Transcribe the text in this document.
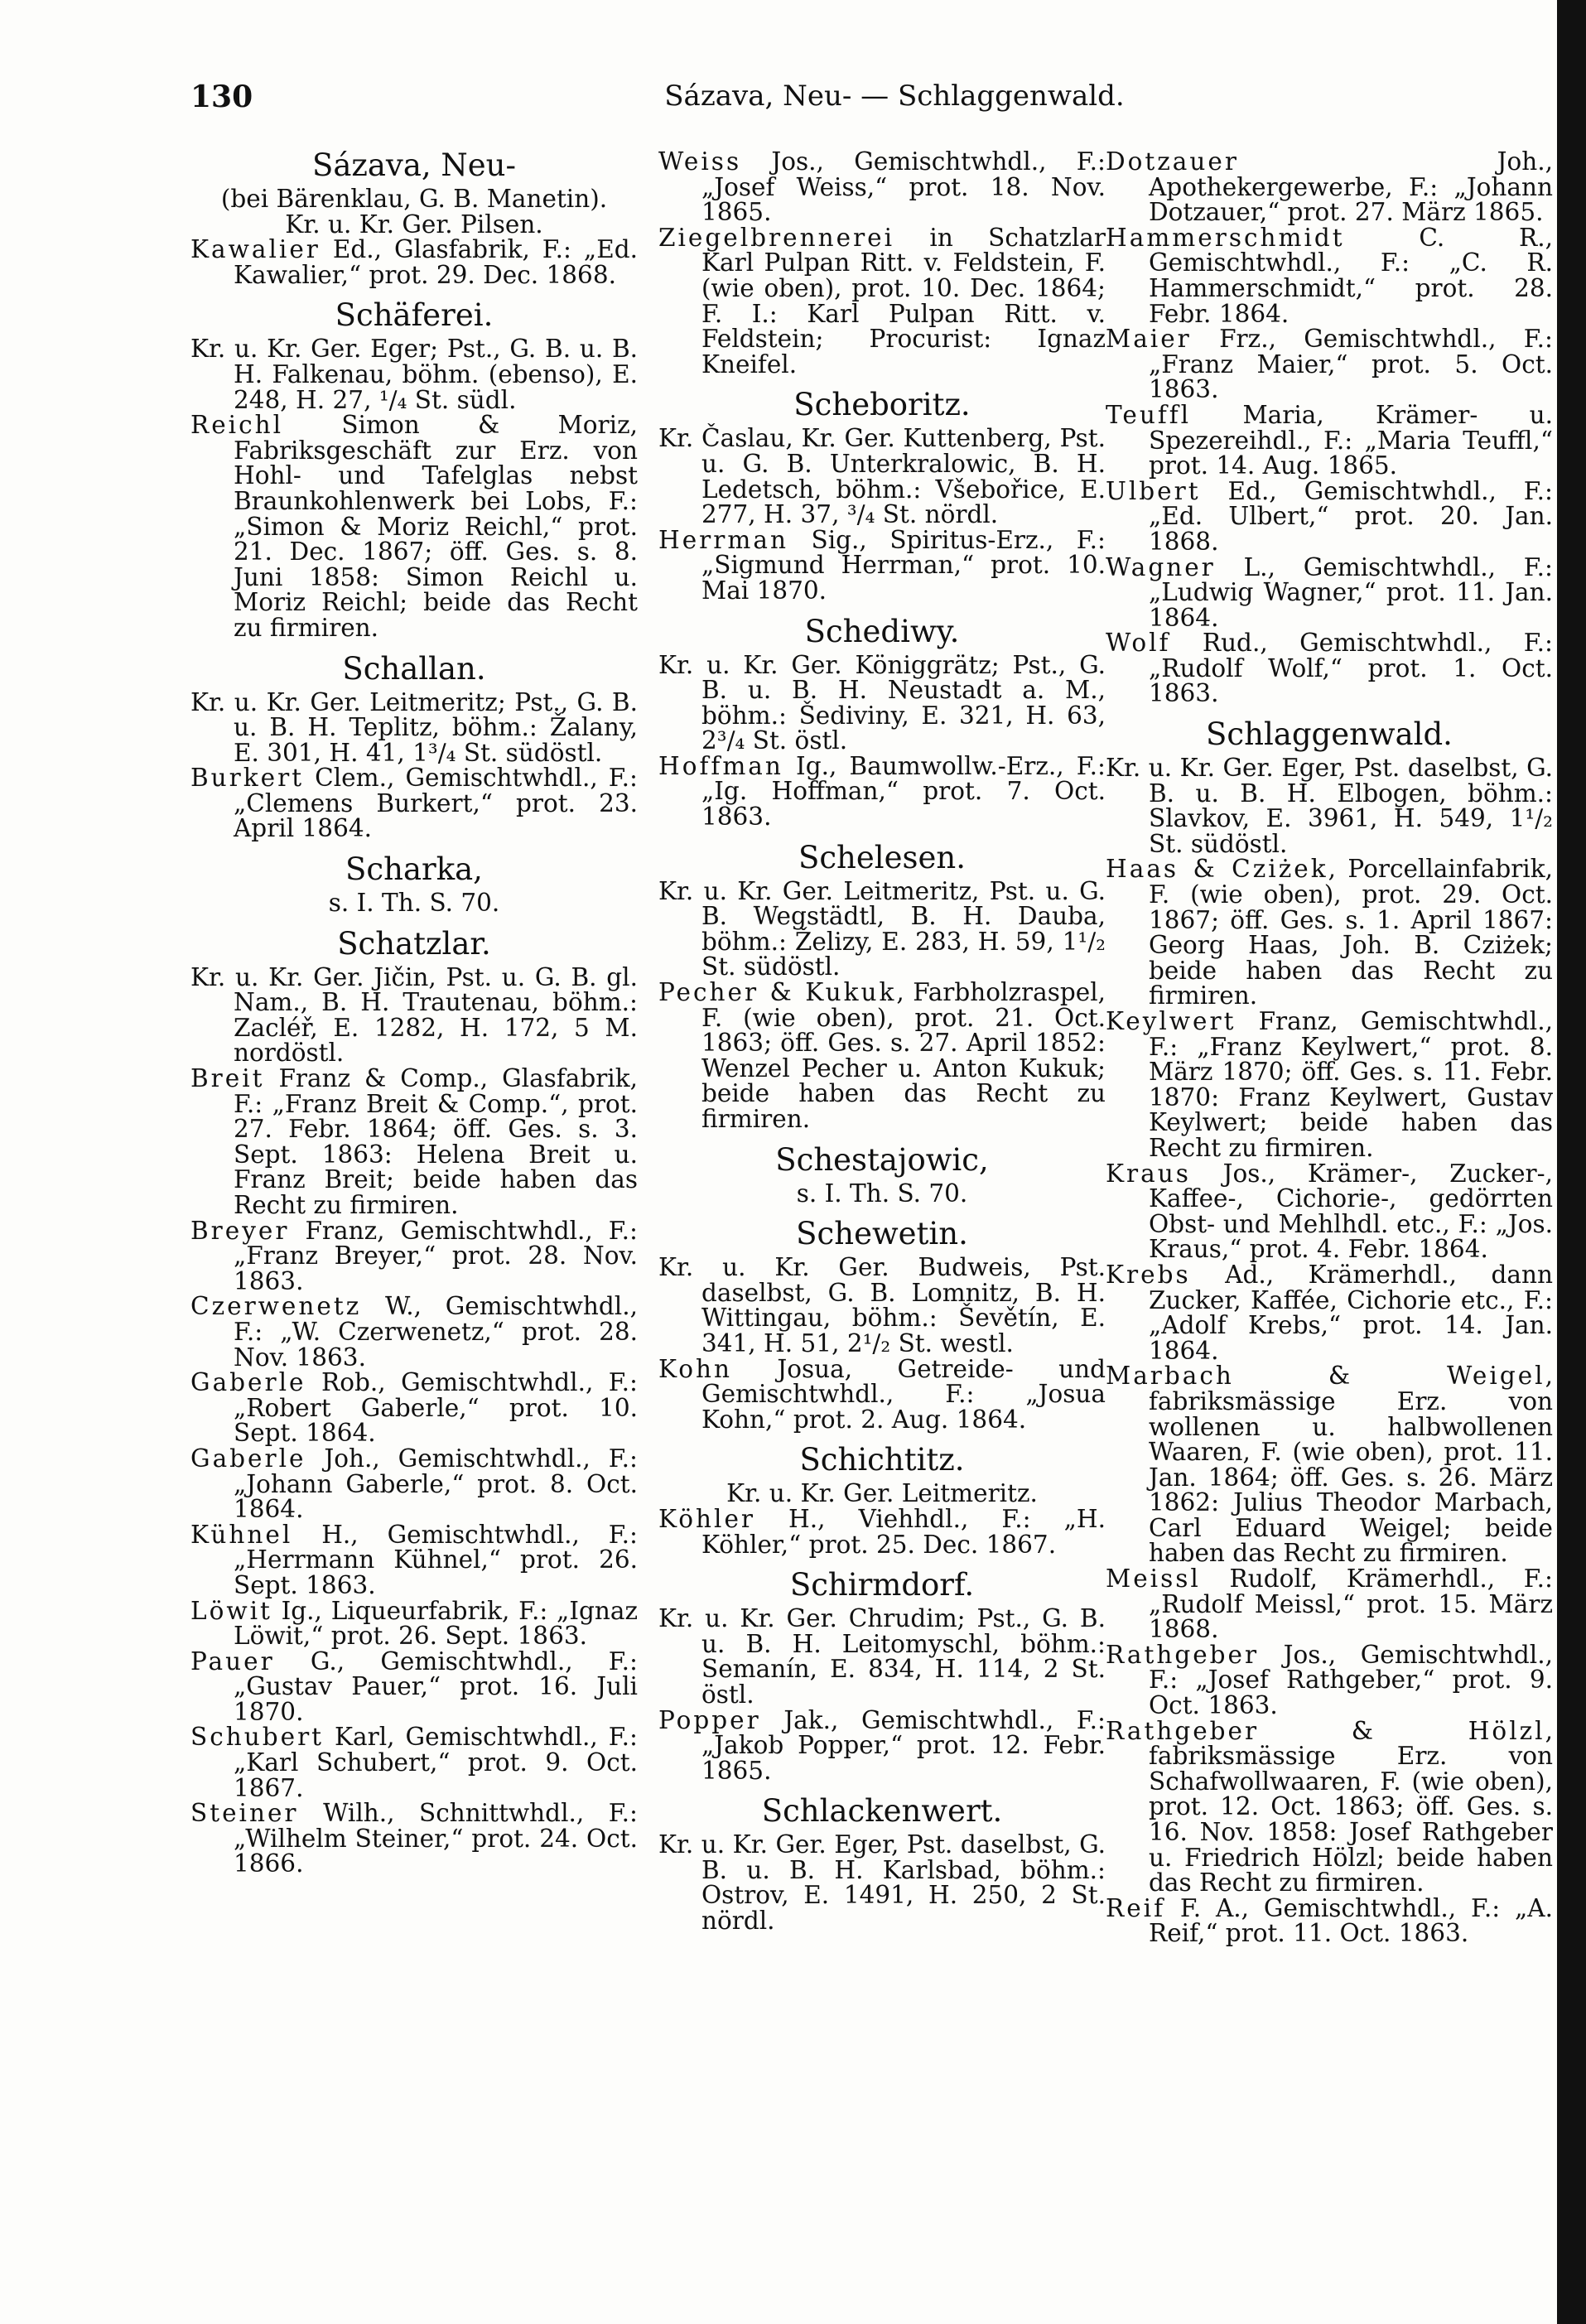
130	Sázava, Neu- — Schlaggenwald.
Sázava, Neu-
(bei Bärenklau, G. B. Manetin).
Kr. u. Kr. Ger. Pilsen.
Kawalier Ed., Glasfabrik, F.: „Ed. Kawalier,“ prot. 29. Dec. 1868.
Schäferei.
Kr. u. Kr. Ger. Eger; Pst., G. B. u. B. H. Falkenau, böhm. (ebenso), E. 248, H. 27, ¹/₄ St. südl.
Reichl Simon & Moriz, Fabriksgeschäft zur Erz. von Hohl- und Tafelglas nebst Braunkohlenwerk bei Lobs, F.: „Simon & Moriz Reichl,“ prot. 21. Dec. 1867; öff. Ges. s. 8. Juni 1858: Simon Reichl u. Moriz Reichl; beide das Recht zu firmiren.
Schallan.
Kr. u. Kr. Ger. Leitmeritz; Pst., G. B. u. B. H. Teplitz, böhm.: Žalany, E. 301, H. 41, 1³/₄ St. südöstl.
Burkert Clem., Gemischtwhdl., F.: „Clemens Burkert,“ prot. 23. April 1864.
Scharka,
s. I. Th. S. 70.
Schatzlar.
Kr. u. Kr. Ger. Jičin, Pst. u. G. B. gl. Nam., B. H. Trautenau, böhm.: Zacléř, E. 1282, H. 172, 5 M. nordöstl.
Breit Franz & Comp., Glasfabrik, F.: „Franz Breit & Comp.“, prot. 27. Febr. 1864; öff. Ges. s. 3. Sept. 1863: Helena Breit u. Franz Breit; beide haben das Recht zu firmiren.
Breyer Franz, Gemischtwhdl., F.: „Franz Breyer,“ prot. 28. Nov. 1863.
Czerwenetz W., Gemischtwhdl., F.: „W. Czerwenetz,“ prot. 28. Nov. 1863.
Gaberle Rob., Gemischtwhdl., F.: „Robert Gaberle,“ prot. 10. Sept. 1864.
Gaberle Joh., Gemischtwhdl., F.: „Johann Gaberle,“ prot. 8. Oct. 1864.
Kühnel H., Gemischtwhdl., F.: „Herrmann Kühnel,“ prot. 26. Sept. 1863.
Löwit Ig., Liqueurfabrik, F.: „Ignaz Löwit,“ prot. 26. Sept. 1863.
Pauer G., Gemischtwhdl., F.: „Gustav Pauer,“ prot. 16. Juli 1870.
Schubert Karl, Gemischtwhdl., F.: „Karl Schubert,“ prot. 9. Oct. 1867.
Steiner Wilh., Schnittwhdl., F.: „Wilhelm Steiner,“ prot. 24. Oct. 1866.
Weiss Jos., Gemischtwhdl., F.: „Josef Weiss,“ prot. 18. Nov. 1865.
Ziegelbrennerei in Schatzlar Karl Pulpan Ritt. v. Feldstein, F. (wie oben), prot. 10. Dec. 1864; F. I.: Karl Pulpan Ritt. v. Feldstein; Procurist: Ignaz Kneifel.
Scheboritz.
Kr. Časlau, Kr. Ger. Kuttenberg, Pst. u. G. B. Unterkralowic, B. H. Ledetsch, böhm.: Všebořice, E. 277, H. 37, ³/₄ St. nördl.
Herrman Sig., Spiritus-Erz., F.: „Sigmund Herrman,“ prot. 10. Mai 1870.
Schediwy.
Kr. u. Kr. Ger. Königgrätz; Pst., G. B. u. B. H. Neustadt a. M., böhm.: Šediviny, E. 321, H. 63, 2³/₄ St. östl.
Hoffman Ig., Baumwollw.-Erz., F.: „Ig. Hoffman,“ prot. 7. Oct. 1863.
Schelesen.
Kr. u. Kr. Ger. Leitmeritz, Pst. u. G. B. Wegstädtl, B. H. Dauba, böhm.: Želizy, E. 283, H. 59, 1¹/₂ St. südöstl.
Pecher & Kukuk, Farbholzraspel, F. (wie oben), prot. 21. Oct. 1863; öff. Ges. s. 27. April 1852: Wenzel Pecher u. Anton Kukuk; beide haben das Recht zu firmiren.
Schestajowic,
s. I. Th. S. 70.
Schewetin.
Kr. u. Kr. Ger. Budweis, Pst. daselbst, G. B. Lomnitz, B. H. Wittingau, böhm.: Ševětín, E. 341, H. 51, 2¹/₂ St. westl.
Kohn Josua, Getreide- und Gemischtwhdl., F.: „Josua Kohn,“ prot. 2. Aug. 1864.
Schichtitz.
Kr. u. Kr. Ger. Leitmeritz.
Köhler H., Viehhdl., F.: „H. Köhler,“ prot. 25. Dec. 1867.
Schirmdorf.
Kr. u. Kr. Ger. Chrudim; Pst., G. B. u. B. H. Leitomyschl, böhm.: Semanín, E. 834, H. 114, 2 St. östl.
Popper Jak., Gemischtwhdl., F.: „Jakob Popper,“ prot. 12. Febr. 1865.
Schlackenwert.
Kr. u. Kr. Ger. Eger, Pst. daselbst, G. B. u. B. H. Karlsbad, böhm.: Ostrov, E. 1491, H. 250, 2 St. nördl.
Dotzauer Joh., Apothekergewerbe, F.: „Johann Dotzauer,“ prot. 27. März 1865.
Hammerschmidt C. R., Gemischtwhdl., F.: „C. R. Hammerschmidt,“ prot. 28. Febr. 1864.
Maier Frz., Gemischtwhdl., F.: „Franz Maier,“ prot. 5. Oct. 1863.
Teuffl Maria, Krämer- u. Spezereihdl., F.: „Maria Teuffl,“ prot. 14. Aug. 1865.
Ulbert Ed., Gemischtwhdl., F.: „Ed. Ulbert,“ prot. 20. Jan. 1868.
Wagner L., Gemischtwhdl., F.: „Ludwig Wagner,“ prot. 11. Jan. 1864.
Wolf Rud., Gemischtwhdl., F.: „Rudolf Wolf,“ prot. 1. Oct. 1863.
Schlaggenwald.
Kr. u. Kr. Ger. Eger, Pst. daselbst, G. B. u. B. H. Elbogen, böhm.: Slavkov, E. 3961, H. 549, 1¹/₂ St. südöstl.
Haas & Cziżek, Porcellainfabrik, F. (wie oben), prot. 29. Oct. 1867; öff. Ges. s. 1. April 1867: Georg Haas, Joh. B. Cziżek; beide haben das Recht zu firmiren.
Keylwert Franz, Gemischtwhdl., F.: „Franz Keylwert,“ prot. 8. März 1870; öff. Ges. s. 11. Febr. 1870: Franz Keylwert, Gustav Keylwert; beide haben das Recht zu firmiren.
Kraus Jos., Krämer-, Zucker-, Kaffee-, Cichorie-, gedörrten Obst- und Mehlhdl. etc., F.: „Jos. Kraus,“ prot. 4. Febr. 1864.
Krebs Ad., Krämerhdl., dann Zucker, Kaffée, Cichorie etc., F.: „Adolf Krebs,“ prot. 14. Jan. 1864.
Marbach & Weigel, fabriksmässige Erz. von wollenen u. halbwollenen Waaren, F. (wie oben), prot. 11. Jan. 1864; öff. Ges. s. 26. März 1862: Julius Theodor Marbach, Carl Eduard Weigel; beide haben das Recht zu firmiren.
Meissl Rudolf, Krämerhdl., F.: „Rudolf Meissl,“ prot. 15. März 1868.
Rathgeber Jos., Gemischtwhdl., F.: „Josef Rathgeber,“ prot. 9. Oct. 1863.
Rathgeber & Hölzl, fabriksmässige Erz. von Schafwollwaaren, F. (wie oben), prot. 12. Oct. 1863; öff. Ges. s. 16. Nov. 1858: Josef Rathgeber u. Friedrich Hölzl; beide haben das Recht zu firmiren.
Reif F. A., Gemischtwhdl., F.: „A. Reif,“ prot. 11. Oct. 1863.
